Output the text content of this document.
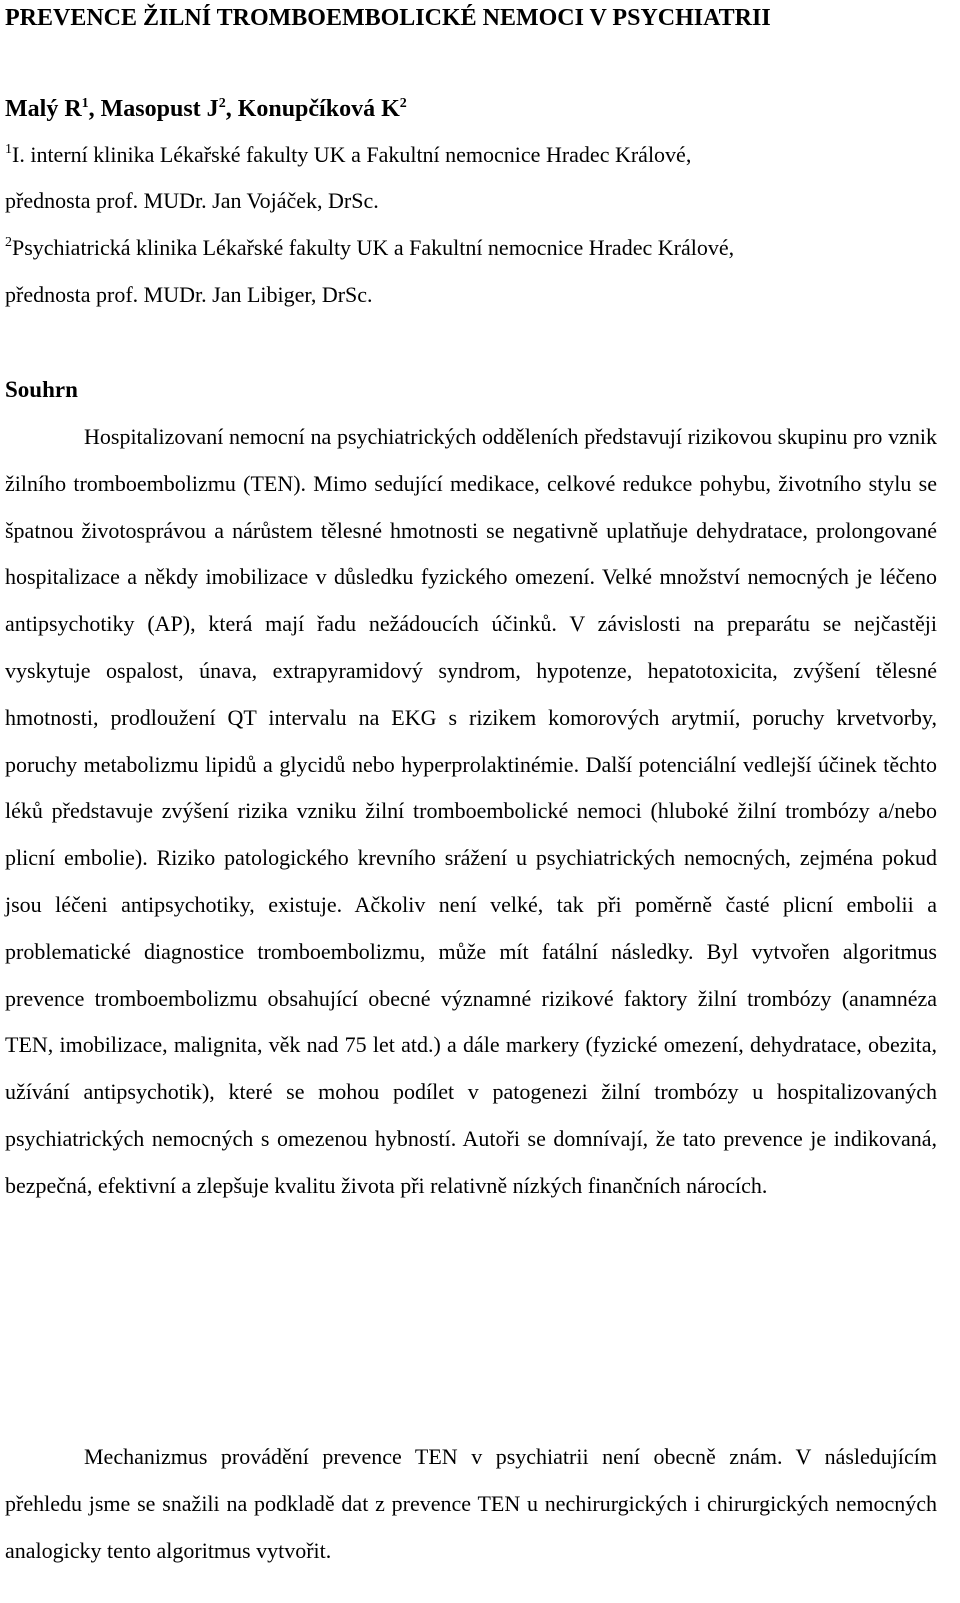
PREVENCE ŽILNÍ TROMBOEMBOLICKÉ NEMOCI V PSYCHIATRII
Malý $R^1$, Masopust $J^2$, Konupčíková $K^2$
$^1$I. interní klinika Lékařské fakulty UK a Fakultní nemocnice Hradec Králové,
přednosta prof. MUDr. Jan Vojáček, DrSc.
$^2$Psychiatrická klinika Lékařské fakulty UK a Fakultní nemocnice Hradec Králové,
přednosta prof. MUDr. Jan Libiger, DrSc.
Souhrn

Hospitalizovaní nemocní na psychiatrických odděleních představují rizikovou skupinu pro vznik žilního tromboembolizmu (TEN). Mimo sedující medikace, celkové redukce pohybu, životního stylu se špatnou životosprávou a nárůstem tělesné hmotnosti se negativně uplatňuje dehydratace, prolongované hospitalizace a někdy imobilizace v důsledku fyzického omezení. Velké množství nemocných je léčeno antipsychotiky (AP), která mají řadu nežádoucích účinků. V závislosti na preparátu se nejčastěji vyskytuje ospalost, únava, extrapyramidový syndrom, hypotenze, hepatotoxicita, zvýšení tělesné hmotnosti, prodloužení QT intervalu na EKG s rizikem komorových arytmií, poruchy krvetvorby, poruchy metabolizmu lipidů a glycidů nebo hyperprolaktinémie. Další potenciální vedlejší účinek těchto léků představuje zvýšení rizika vzniku žilní tromboembolické nemoci (hluboké žilní trombózy a/nebo plicní embolie). Riziko patologického krevního srážení u psychiatrických nemocných, zejména pokud jsou léčeni antipsychotiky, existuje. Ačkoliv není velké, tak při poměrně časté plicní embolii a problematické diagnostice tromboembolizmu, může mít fatální následky. Byl vytvořen algoritmus prevence tromboembolizmu obsahující obecné významné rizikové faktory žilní trombózy (anamnéza TEN, imobilizace, malignita, věk nad 75 let atd.) a dále markery (fyzické omezení, dehydratace, obezita, užívání antipsychotik), které se mohou podílet v patogenezi žilní trombózy u hospitalizovaných psychiatrických nemocných s omezenou hybností. Autoři se domnívají, že tato prevence je indikovaná, bezpečná, efektivní a zlepšuje kvalitu života při relativně nízkých finančních nárocích.

Mechanizmus provádění prevence TEN v psychiatrii není obecně znám. V následujícím přehledu jsme se snažili na podkladě dat z prevence TEN u nechirurgických i chirurgických nemocných analogicky tento algoritmus vytvořit.
